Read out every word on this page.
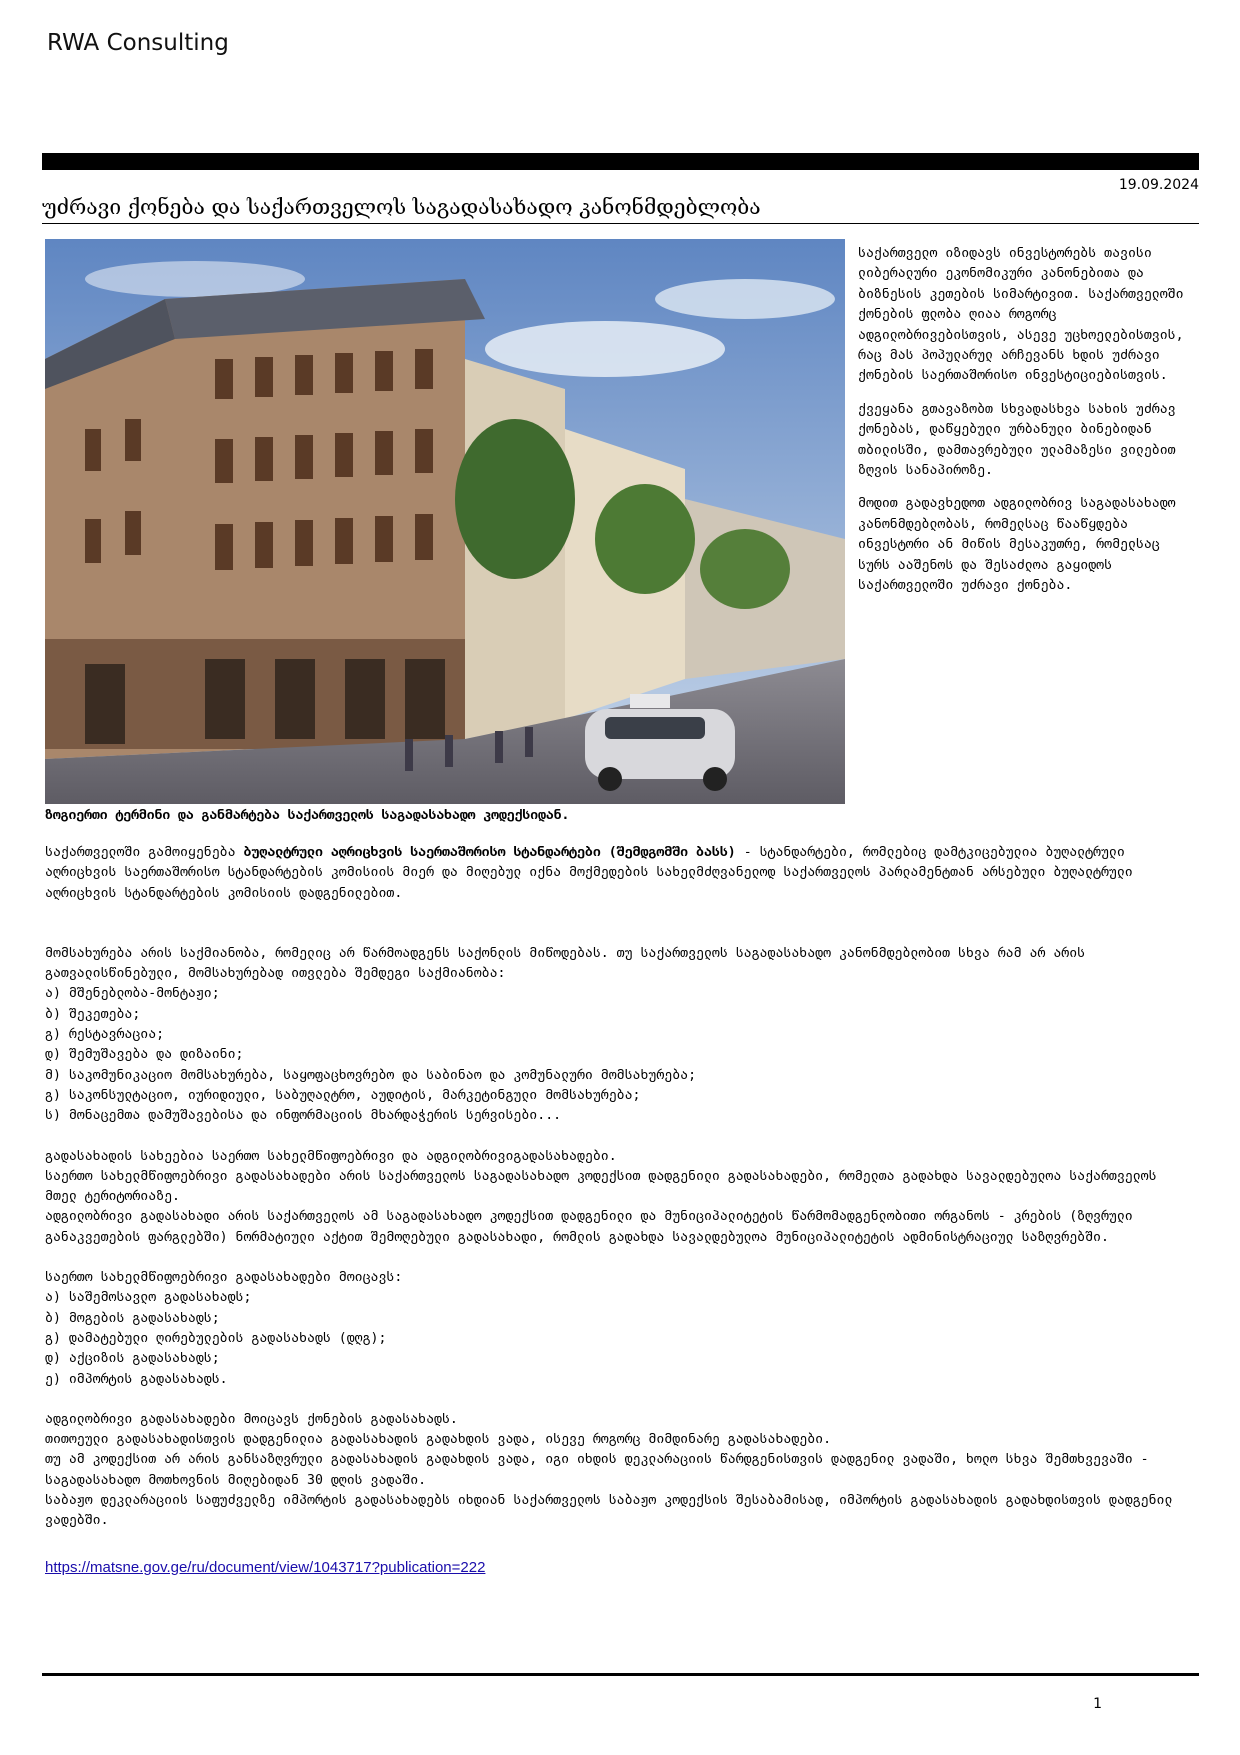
RWA Consulting
19.09.2024
უძრავი ქონება და საქართველოს საგადასახადო კანონმდებლობა

საქართველო იზიდავს ინვესტორებს თავისი ლიბერალური ეკონომიკური კანონებითა და ბიზნესის კეთების სიმარტივით. საქართველოში ქონების ფლობა ღიაა როგორც ადგილობრივებისთვის, ასევე უცხოელებისთვის, რაც მას პოპულარულ არჩევანს ხდის უძრავი ქონების საერთაშორისო ინვესტიციებისთვის.

ქვეყანა გთავაზობთ სხვადასხვა სახის უძრავ ქონებას, დაწყებული ურბანული ბინებიდან თბილისში, დამთავრებული ულამაზესი ვილებით ზღვის სანაპიროზე.

მოდით გადავხედოთ ადგილობრივ საგადასახადო კანონმდებლობას, რომელსაც წააწყდება ინვესტორი ან მიწის მესაკუთრე, რომელსაც სურს ააშენოს და შესაძლოა გაყიდოს საქართველოში უძრავი ქონება.

ზოგიერთი ტერმინი და განმარტება საქართველოს საგადასახადო კოდექსიდან.

საქართველოში გამოიყენება ბუღალტრული აღრიცხვის საერთაშორისო სტანდარტები (შემდგომში ბასს) - სტანდარტები, რომლებიც დამტკიცებულია ბუღალტრული აღრიცხვის საერთაშორისო სტანდარტების კომისიის მიერ და მიღებულ იქნა მოქმედების სახელმძღვანელოდ საქართველოს პარლამენტთან არსებული ბუღალტრული აღრიცხვის სტანდარტების კომისიის დადგენილებით.

მომსახურება არის საქმიანობა, რომელიც არ წარმოადგენს საქონლის მიწოდებას. თუ საქართველოს საგადასახადო კანონმდებლობით სხვა რამ არ არის გათვალისწინებული, მომსახურებად ითვლება შემდეგი საქმიანობა:

ა) მშენებლობა-მონტაჟი;

ბ) შეკეთება;

გ) რესტავრაცია;

დ) შემუშავება და დიზაინი;

მ) საკომუნიკაციო მომსახურება, საყოფაცხოვრებო და საბინაო და კომუნალური მომსახურება;

გ) საკონსულტაციო, იურიდიული, საბუღალტრო, აუდიტის, მარკეტინგული მომსახურება;

ს) მონაცემთა დამუშავებისა და ინფორმაციის მხარდაჭერის სერვისები...

გადასახადის სახეებია საერთო სახელმწიფოებრივი და ადგილობრივიგადასახადები.

საერთო სახელმწიფოებრივი გადასახადები არის საქართველოს საგადასახადო კოდექსით დადგენილი გადასახადები, რომელთა გადახდა სავალდებულოა საქართველოს მთელ ტერიტორიაზე.

ადგილობრივი გადასახადი არის საქართველოს ამ საგადასახადო კოდექსით დადგენილი და მუნიციპალიტეტის წარმომადგენლობითი ორგანოს - კრების (ზღვრული განაკვეთების ფარგლებში) ნორმატიული აქტით შემოღებული გადასახადი, რომლის გადახდა სავალდებულოა მუნიციპალიტეტის ადმინისტრაციულ საზღვრებში.

საერთო სახელმწიფოებრივი გადასახადები მოიცავს:

ა) საშემოსავლო გადასახადს;

ბ) მოგების გადასახადს;

გ) დამატებული ღირებულების გადასახადს (დღგ);

დ) აქციზის გადასახადს;

ე) იმპორტის გადასახადს.

ადგილობრივი გადასახადები მოიცავს ქონების გადასახადს.

თითოეული გადასახადისთვის დადგენილია გადასახადის გადახდის ვადა, ისევე როგორც მიმდინარე გადასახადები.

თუ ამ კოდექსით არ არის განსაზღვრული გადასახადის გადახდის ვადა, იგი იხდის დეკლარაციის წარდგენისთვის დადგენილ ვადაში, ხოლო სხვა შემთხვევაში - საგადასახადო მოთხოვნის მიღებიდან 30 დღის ვადაში.

საბაჟო დეკლარაციის საფუძველზე იმპორტის გადასახადებს იხდიან საქართველოს საბაჟო კოდექსის შესაბამისად, იმპორტის გადასახადის გადახდისთვის დადგენილ ვადებში.

https://matsne.gov.ge/ru/document/view/1043717?publication=222
1
